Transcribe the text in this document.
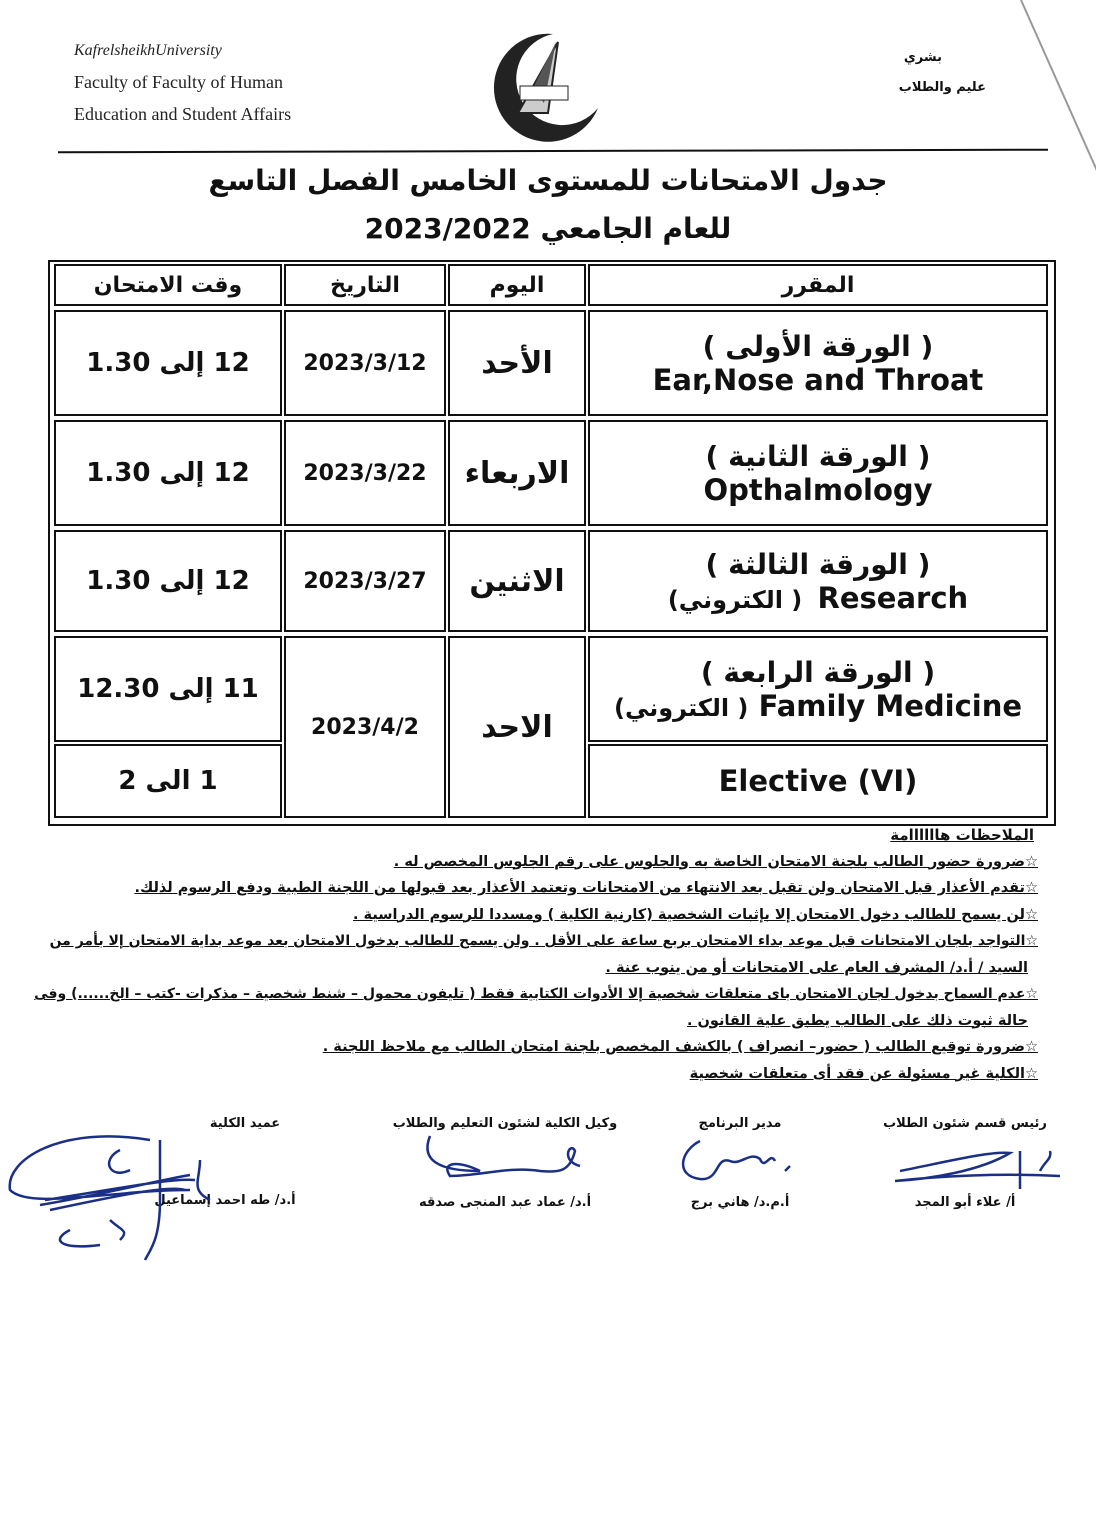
KafrelsheikhUniversity
Faculty of Faculty of Human
Education and Student Affairs
بشري
عليم والطلاب
جدول الامتحانات للمستوى الخامس الفصل التاسع
للعام الجامعي 2023/2022
المقرر
اليوم
التاريخ
وقت الامتحان
( الورقة الأولى )
Ear,Nose and Throat
الأحد
2023/3/12
12 إلى 1.30
( الورقة الثانية )
Opthalmology
الاربعاء
2023/3/22
12 إلى 1.30
( الورقة الثالثة )
(الكتروني ) Research
الاثنين
2023/3/27
12 إلى 1.30
( الورقة الرابعة )
(الكتروني ) Family Medicine
Elective (VI)
الاحد
2023/4/2
11 إلى 12.30
1 الى 2
الملاحظات هاااااامة
☆ضرورة حضور الطالب بلجنة الامتحان الخاصة به والجلوس على رقم الجلوس المخصص له .
☆تقدم الأعذار قبل الامتحان ولن تقبل بعد الانتهاء من الامتحانات وتعتمد الأعذار بعد قبولها من اللجنة الطبية ودفع الرسوم لذلك.
☆لن يسمح للطالب دخول الامتحان إلا بإثبات الشخصية (كارنية الكلية ) ومسددا للرسوم الدراسية .
☆التواجد بلجان الامتحانات قبل موعد بداء الامتحان بربع ساعة على الأقل . ولن يسمح للطالب بدخول الامتحان بعد موعد بداية الامتحان إلا بأمر من
السيد / أ.د/ المشرف العام على الامتحانات أو من ينوب عنة .
☆عدم السماح بدخول لجان الامتحان باى متعلقات شخصية إلا الأدوات الكتابية فقط ( تليفون محمول – شنط شخصية – مذكرات -كتب – الخ......) وفى
حالة ثبوت ذلك على الطالب يطبق علية القانون .
☆ضرورة توقيع الطالب ( حضور– انصراف ) بالكشف المخصص بلجنة امتحان الطالب مع ملاحظ اللجنة .
☆الكلية غير مسئولة عن فقد أى متعلقات شخصية
رئيس قسم شئون الطلاب
أ/ علاء أبو المجد
مدير البرنامج
أ.م.د/ هاني برج
وكيل الكلية لشئون التعليم والطلاب
أ.د/ عماد عبد المنجى صدقه
عميد الكلية
أ.د/ طه احمد إسماعيل
